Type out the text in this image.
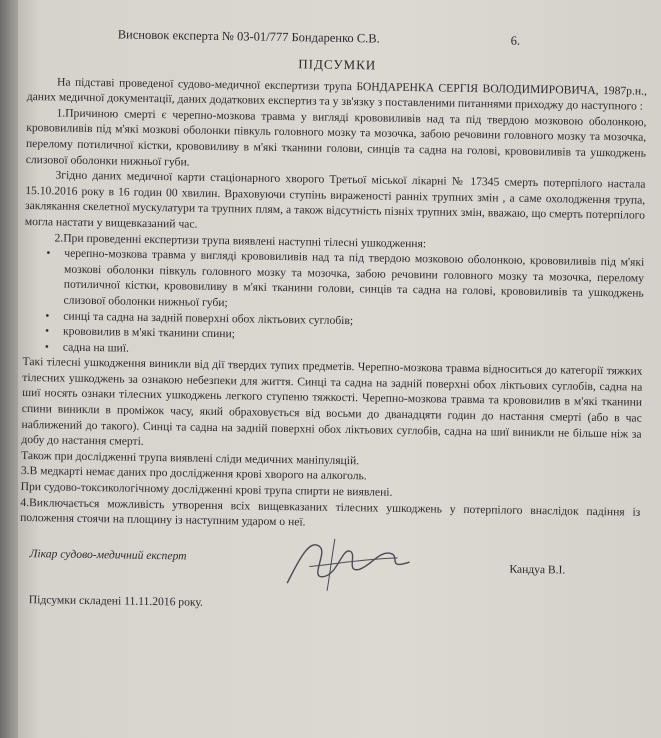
Висновок експерта № 03-01/777 Бондаренко С.В.	6.
ПІДСУМКИ

На підставі проведеної судово-медичної експертизи трупа БОНДАРЕНКА СЕРГІЯ ВОЛОДИМИРОВИЧА, 1987р.н., даних медичної документації, даних додаткових експертиз та у зв'язку з поставленими питаннями приходжу до наступного :

1.Причиною смерті є черепно-мозкова травма у вигляді крововиливів над та під твердою мозковою оболонкою, крововиливів під м'які мозкові оболонки півкуль головного мозку та мозочка, забою речовини головного мозку та мозочка, перелому потиличної кістки, крововиливу в м'які тканини голови, синців та садна на голові, крововиливів та ушкоджень слизової оболонки нижньої губи.

Згідно даних медичної карти стаціонарного хворого Третьої міської лікарні № 17345 смерть потерпілого настала 15.10.2016 року в 16 годин 00 хвилин. Враховуючи ступінь вираженості ранніх трупних змін , а саме охолодження трупа, заклякання скелетної мускулатури та трупних плям, а також відсутність пізніх трупних змін, вважаю, що смерть потерпілого могла настати у вищевказаний час.

2.При проведенні експертизи трупа виявлені наступні тілесні ушкодження:

• черепно-мозкова травма у вигляді крововиливів над та під твердою мозковою оболонкою, крововиливів під м'які мозкові оболонки півкуль головного мозку та мозочка, забою речовини головного мозку та мозочка, перелому потиличної кістки, крововиливу в м'які тканини голови, синців та садна на голові, крововиливів та ушкоджень слизової оболонки нижньої губи;
• синці та садна на задній поверхні обох ліктьових суглобів;
• крововилив в м'які тканини спини;
• садна на шиї.

Такі тілесні ушкодження виникли від дії твердих тупих предметів. Черепно-мозкова травма відноситься до категорії тяжких тілесних ушкоджень за ознакою небезпеки для життя. Синці та садна на задній поверхні обох ліктьових суглобів, садна на шиї носять ознаки тілесних ушкоджень легкого ступеню тяжкості. Черепно-мозкова травма та крововилив в м'які тканини спини виникли в проміжок часу, який обраховується від восьми до дванадцяти годин до настання смерті (або в час наближений до такого). Синці та садна на задній поверхні обох ліктьових суглобів, садна на шиї виникли не більше ніж за добу до настання смерті.

Також при дослідженні трупа виявлені сліди медичних маніпуляцій.

3.В медкарті немає даних про дослідження крові хворого на алкоголь.

При судово-токсикологічному дослідженні крові трупа спирти не виявлені.

4.Виключається можливість утворення всіх вищевказаних тілесних ушкоджень у потерпілого внаслідок падіння із положення стоячи на площину із наступним ударом о неї.

Лікар судово-медичний експерт
Кандуа В.І.

Підсумки складені 11.11.2016 року.
